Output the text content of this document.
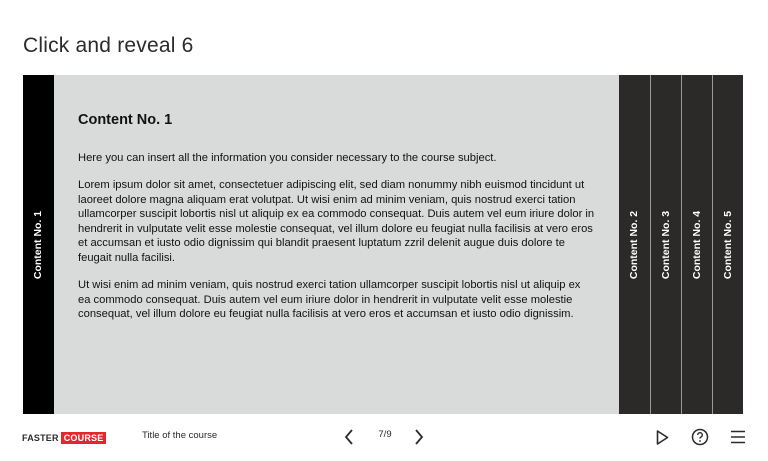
Click and reveal 6
Content No. 1
Content No. 1

Here you can insert all the information you consider necessary to the course subject.

Lorem ipsum dolor sit amet, consectetuer adipiscing elit, sed diam nonummy nibh euismod tincidunt ut laoreet dolore magna aliquam erat volutpat. Ut wisi enim ad minim veniam, quis nostrud exerci tation ullamcorper suscipit lobortis nisl ut aliquip ex ea commodo consequat. Duis autem vel eum iriure dolor in hendrerit in vulputate velit esse molestie consequat, vel illum dolore eu feugiat nulla facilisis at vero eros et accumsan et iusto odio dignissim qui blandit praesent luptatum zzril delenit augue duis dolore te feugait nulla facilisi.

Ut wisi enim ad minim veniam, quis nostrud exerci tation ullamcorper suscipit lobortis nisl ut aliquip ex ea commodo consequat. Duis autem vel eum iriure dolor in hendrerit in vulputate velit esse molestie consequat, vel illum dolore eu feugiat nulla facilisis at vero eros et accumsan et iusto odio dignissim.

Content No. 2 Content No. 3 Content No. 4 Content No. 5
FASTER COURSE	Title of the course	7/9
